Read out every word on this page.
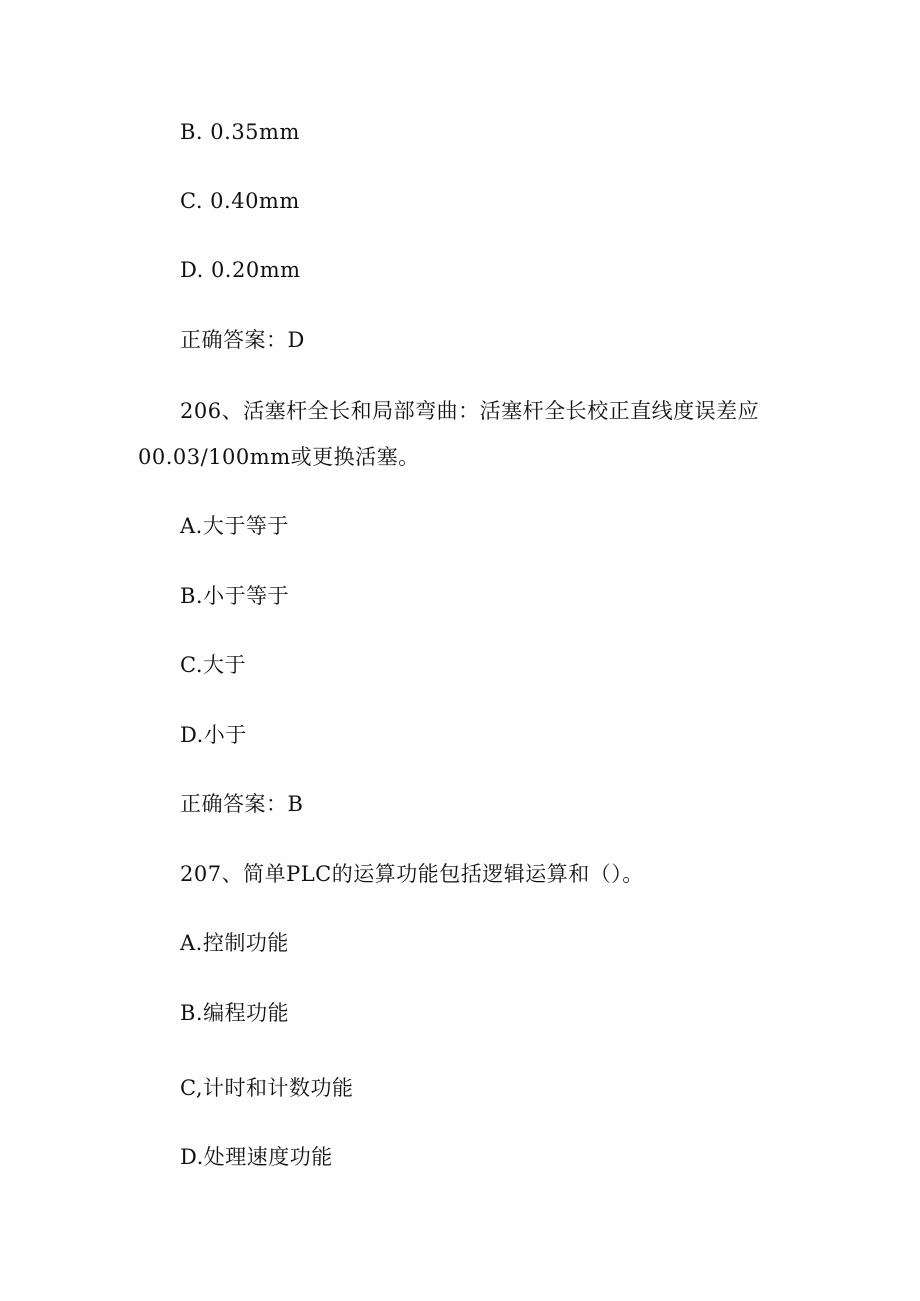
B. 0.35mm
C. 0.40mm
D. 0.20mm
正确答案：D
206、活塞杆全长和局部弯曲：活塞杆全长校正直线度误差应
00.03/100mm或更换活塞。
A.大于等于
B.小于等于
C.大于
D.小于
正确答案：B
207、简单PLC的运算功能包括逻辑运算和（）。
A.控制功能
B.编程功能
C,计时和计数功能
D.处理速度功能
